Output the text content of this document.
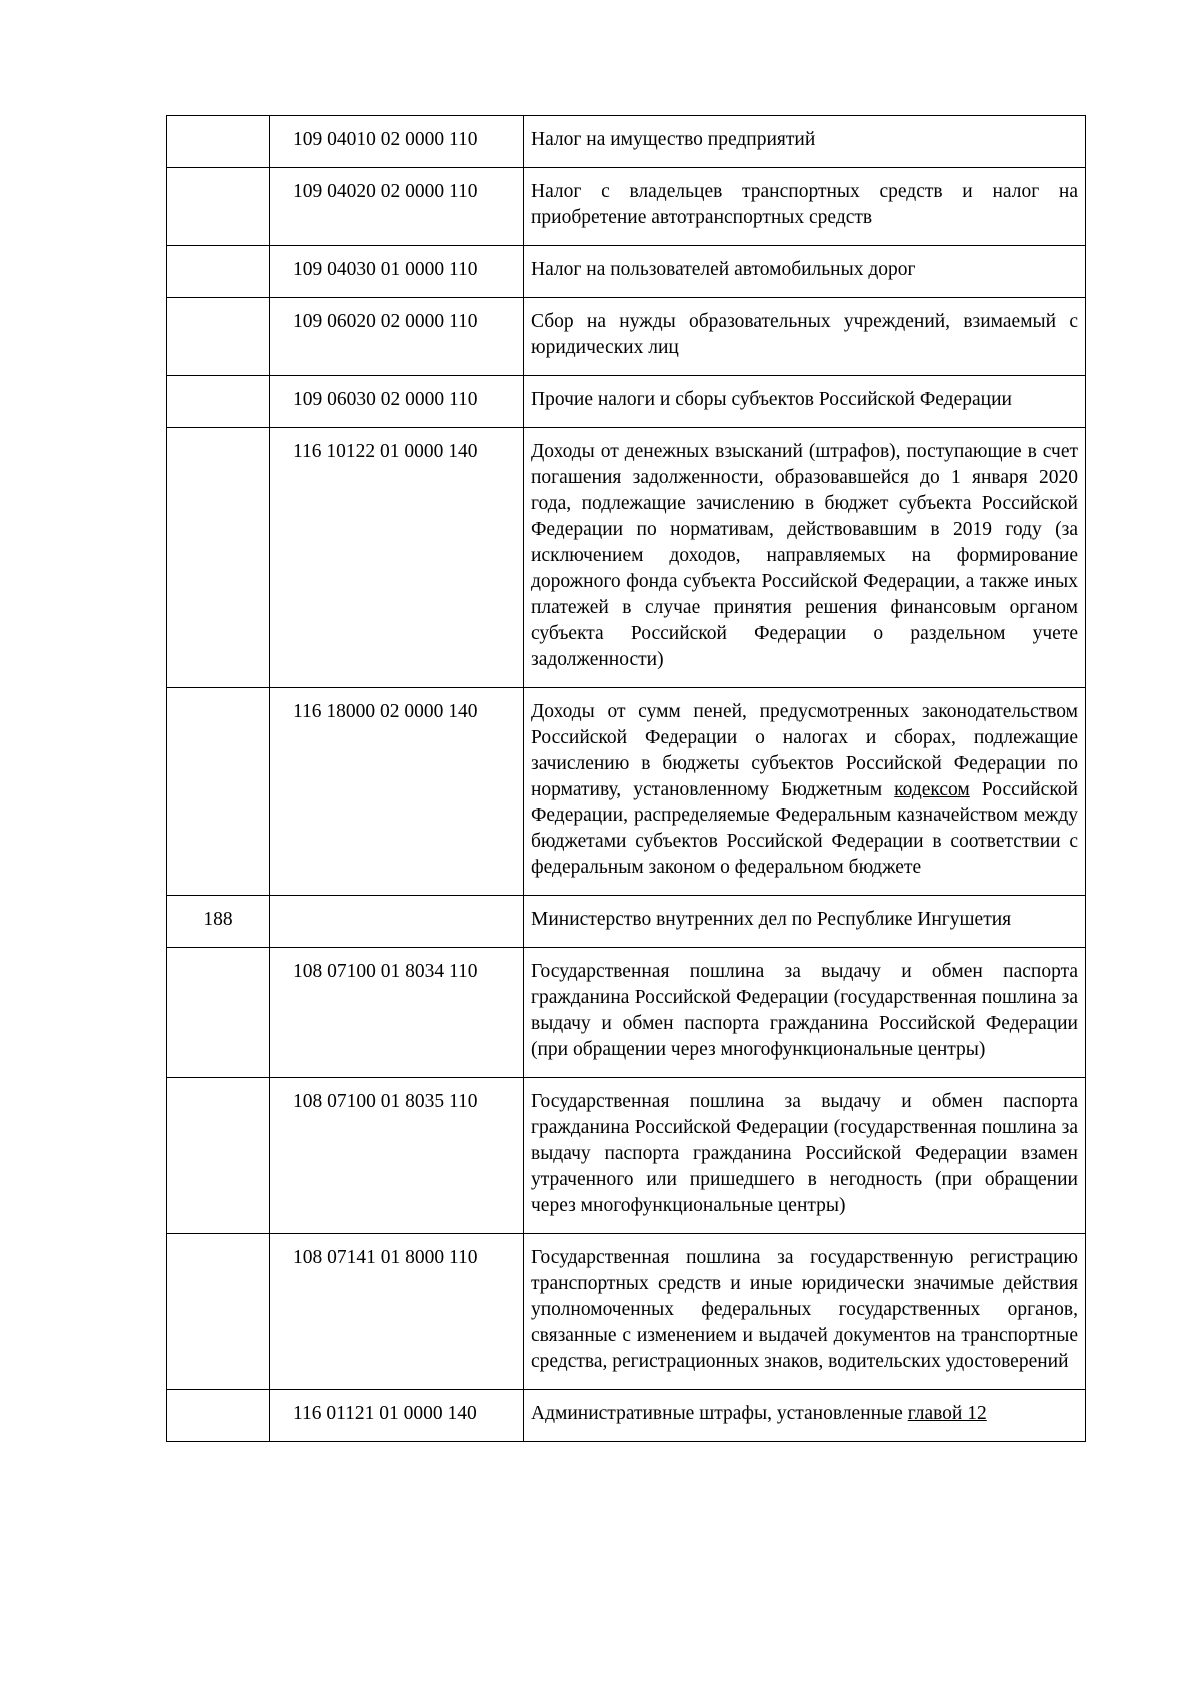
	109 04010 02 0000 110	Налог на имущество предприятий
	109 04020 02 0000 110	Налог с владельцев транспортных средств и налог на приобретение автотранспортных средств
	109 04030 01 0000 110	Налог на пользователей автомобильных дорог
	109 06020 02 0000 110	Сбор на нужды образовательных учреждений, взимаемый с юридических лиц
	109 06030 02 0000 110	Прочие налоги и сборы субъектов Российской Федерации
	116 10122 01 0000 140	Доходы от денежных взысканий (штрафов), поступающие в счет погашения задолженности, образовавшейся до 1 января 2020 года, подлежащие зачислению в бюджет субъекта Российской Федерации по нормативам, действовавшим в 2019 году (за исключением доходов, направляемых на формирование дорожного фонда субъекта Российской Федерации, а также иных платежей в случае принятия решения финансовым органом субъекта Российской Федерации о раздельном учете задолженности)
	116 18000 02 0000 140	Доходы от сумм пеней, предусмотренных законодательством Российской Федерации о налогах и сборах, подлежащие зачислению в бюджеты субъектов Российской Федерации по нормативу, установленному Бюджетным кодексом Российской Федерации, распределяемые Федеральным казначейством между бюджетами субъектов Российской Федерации в соответствии с федеральным законом о федеральном бюджете
188		Министерство внутренних дел по Республике Ингушетия
	108 07100 01 8034 110	Государственная пошлина за выдачу и обмен паспорта гражданина Российской Федерации (государственная пошлина за выдачу и обмен паспорта гражданина Российской Федерации (при обращении через многофункциональные центры)
	108 07100 01 8035 110	Государственная пошлина за выдачу и обмен паспорта гражданина Российской Федерации (государственная пошлина за выдачу паспорта гражданина Российской Федерации взамен утраченного или пришедшего в негодность (при обращении через многофункциональные центры)
	108 07141 01 8000 110	Государственная пошлина за государственную регистрацию транспортных средств и иные юридически значимые действия уполномоченных федеральных государственных органов, связанные с изменением и выдачей документов на транспортные средства, регистрационных знаков, водительских удостоверений
	116 01121 01 0000 140	Административные штрафы, установленные главой 12
